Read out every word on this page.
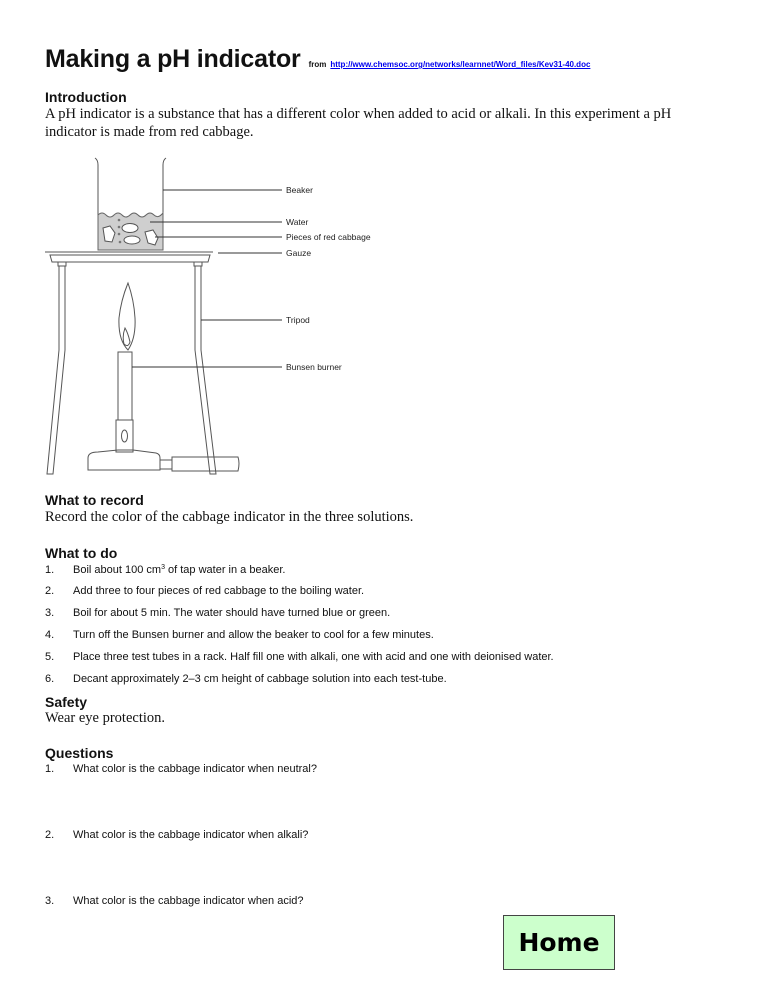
Making a pH indicator from http://www.chemsoc.org/networks/learnnet/Word_files/Kev31-40.doc
Introduction
A pH indicator is a substance that has a different color when added to acid or alkali. In this experiment a pH indicator is made from red cabbage.
Beaker
Water
Pieces of red cabbage
Gauze
Tripod
Bunsen burner
What to record
Record the color of the cabbage indicator in the three solutions.
What to do
1. Boil about 100 $cm^3$ of tap water in a beaker.
2. Add three to four pieces of red cabbage to the boiling water.
3. Boil for about 5 min. The water should have turned blue or green.
4. Turn off the Bunsen burner and allow the beaker to cool for a few minutes.
5. Place three test tubes in a rack. Half fill one with alkali, one with acid and one with deionised water.
6. Decant approximately 2–3 cm height of cabbage solution into each test-tube.
Safety
Wear eye protection.
Questions
1. What color is the cabbage indicator when neutral?
2. What color is the cabbage indicator when alkali?
3. What color is the cabbage indicator when acid?
Home
